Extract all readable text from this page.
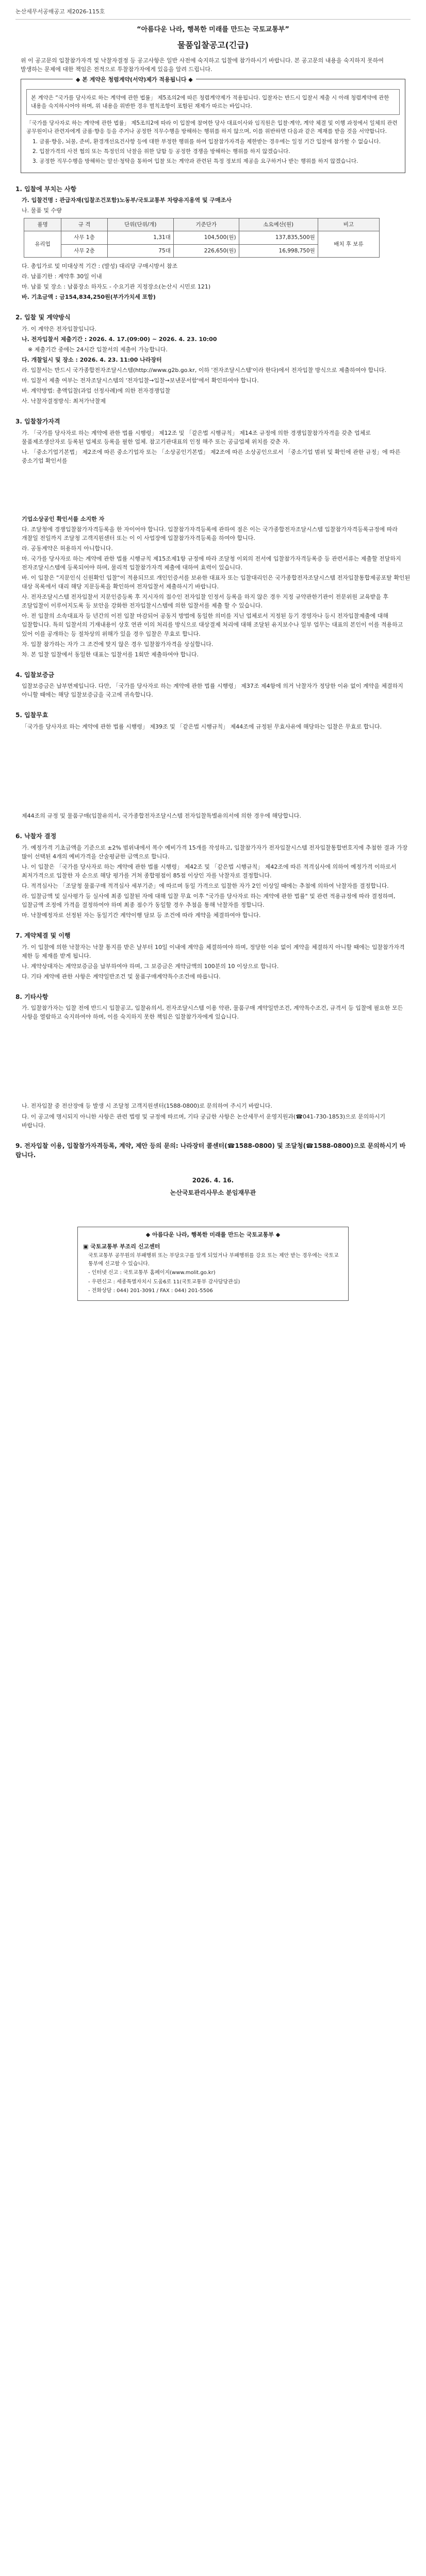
논산세무서공매공고 제2026-115호
“아름다운 나라, 행복한 미래를 만드는 국토교통부”
물품입찰공고(긴급)

위 이 공고문의 입찰참가자격 및 낙찰자결정 등 공고사항은 일반 사전에 숙지하고 입찰에 참가하시기 바랍니다. 본 공고문의 내용을 숙지하지 못하여 발생하는 문제에 대한 책임은 전적으로 투찰참가자에게 있음을 알려 드립니다.

◆ 본 계약은 청렴계약(서약)제가 적용됩니다 ◆

본 계약은 “국가를 당사자로 하는 계약에 관한 법률」 제5조의2에 따른 청렴계약제가 적용됩니다. 입찰자는 반드시 입찰서 제출 시 아래 청렴계약에 관한 내용을 숙지하시어야 하며, 위 내용을 위반한 경우 벌칙조항이 포함된 재제가 따르는 바입니다.

「국가를 당사자로 하는 계약에 관한 법률」 제5조의2에 따라 이 입찰에 참여한 당사 대표이사와 임직원은 입찰·계약, 계약 체결 및 이행 과정에서 일체의 관련 공무원이나 관련자에게 금품·향응 등을 주거나 공정한 직무수행을 방해하는 행위를 하지 않으며, 이를 위반하면 다음과 같은 제재를 받을 것을 서약합니다.

1. 금품·향응, 뇌물, 준비, 환경개선요건사항 등에 대한 부정한 행위를 하여 입찰참가자격을 제한받는 경우에는 일정 기간 입찰에 참가할 수 없습니다.

2. 입찰가격의 사전 협의 또는 특정인의 낙찰을 위한 담합 등 공정한 경쟁을 방해하는 행위를 하지 않겠습니다.

3. 공정한 직무수행을 방해하는 알선·청탁을 통하여 입찰 또는 계약과 관련된 특정 정보의 제공을 요구하거나 받는 행위를 하지 않겠습니다.

1. 입찰에 부치는 사항
가. 입찰건명 : 관급자재(입찰조건포함)노동부/국토교통부 차량유지용역 및 구매조사
나. 물품 및 수량
품명	규 격	단위(단위/개)	기준단가	소요예산(원)	비고
유리업	사무 1층	1,31대	104,500(원)	137,835,500원	배치 후 보류
	사무 2층	75대	226,650(원)	16,998,750원	
다. 총입가로 및 미대상적 기간 : (발성) 대리당 구매시방서 참조
라. 납품기한 : 계약후 30일 이내
마. 납품 및 장소 : 납품장소 하자도 - 수요기관 지정장소(논산시 시민로 121)
바. 기초금액 : 금154,834,250원(부가가치세 포함)
2. 입찰 및 계약방식
가. 이 계약은 전자입찰입니다.
나. 전자입찰서 제출기간 : 2026. 4. 17.(09:00) ~ 2026. 4. 23. 10:00
※ 제출기간 중에는 24시간 입찰서의 제출이 가능합니다.
다. 개찰일시 및 장소 : 2026. 4. 23. 11:00 나라장터
라. 입찰서는 반드시 국가종합전자조달시스템(http://www.g2b.go.kr, 이하 '전자조달시스템'이라 한다)에서 전자입찰 방식으로 제출하여야 합니다.
마. 입찰서 제출 여부는 전자조달시스템의 '전자입찰→입찰→보낸문서함'에서 확인하여야 합니다.
바. 계약방법: 총액입찰(과업 선정사례)에 의한 전자경쟁입찰
사. 낙찰자결정방식: 최저가낙찰제
3. 입찰참가자격
가. 「국가를 당사자로 하는 계약에 관한 법률 시행령」 제12조 및 「같은법 시행규칙」 제14조 규정에 의한 경쟁입찰참가자격을 갖춘 업체로 물품제조생산자로 등록된 업체로 등록을 필한 업체. 참고기관대표의 인정 해주 또는 공급업체 위치를 갖춘 자.
나. 「중소기업기본법」 제2조에 따른 중소기업자 또는 「소상공인기본법」 제2조에 따른 소상공인으로서 「중소기업 범위 및 확인에 관한 규정」에 따른 중소기업 확인서를
기업소상공인 확인서를 소지한 자
다. 조달청에 경쟁입찰참가자격등록을 한 자이어야 합니다. 입찰참가자격등록에 관하여 절은 이는 국가종합전자조달시스템 입찰참가자격등록규정에 따라 개찰일 전일까지 조달청 고객지원센터 또는 이 이 사업장에 입찰참가자격등록을 하여야 합니다.
라. 공동계약은 허용하지 아니합니다.
마. 국가를 당사자로 하는 계약에 관한 법률 시행규칙 제15조제1항 규정에 따라 조달청 이외의 전서에 입찰참가자격등록증 등 관련서류는 제출할 전달하지 전자조달시스템에 등록되어야 하며, 물리적 입찰참가자격 제출에 대하여 효력이 있습니다.
바. 이 입찰은 "지문인식 신원확인 입찰"이 적용되므로 개인인증서를 보유한 대표자 또는 입찰대리인은 국가종합전자조달시스템 전자입찰통합제공포탈 확인된 대상 목록에서 대리 해당 지문등록을 확인하여 전자입찰서 제출하시기 바랍니다.
사. 전자조달시스템 전자입찰서 지문인증등록 후 지시자의 접수인 전자입찰 인정서 등록을 하지 않은 경우 지정 규약관한기관이 전문위원 교육받을 후 조달입찰이 이루어지도록 등 보안을 강화한 전자입찰시스템에 의한 입찰서를 제출 할 수 있습니다.
아. 전 입찰의 소속대표자 등 년간의 이전 입찰 마감되어 공동지 방법에 동일한 의미를 지닌 업체로서 지정된 등기 경영자나 등시 전자입찰제출에 대해 입찰합니다. 특히 입찰서의 기재내용이 상호 연관 이의 처리를 방식으로 대상결제 처리에 대해 조달된 유지보수나 일부 업무는 대표의 본인이 이를 적용하고 있어 이를 공개하는 등 절차상의 위해가 있을 경우 입찰은 무효로 합니다.
자. 입찰 참가하는 자가 그 조건에 맞지 않은 경우 입찰참가자격을 상실합니다.
차. 본 입찰 입찰에서 동일한 대표는 입찰서를 1회만 제출하여야 합니다.
4. 입찰보증금
입찰보증금은 납부면제입니다. 다만, 「국가를 당사자로 하는 계약에 관한 법률 시행령」 제37조 제4항에 의거 낙찰자가 정당한 이유 없이 계약을 체결하지 아니할 때에는 해당 입찰보증금을 국고에 귀속합니다.
5. 입찰무효
「국가를 당사자로 하는 계약에 관한 법률 시행령」 제39조 및 「같은법 시행규칙」 제44조에 규정된 무효사유에 해당하는 입찰은 무효로 합니다.
제44조의 규정 및 물품구매(입찰유의서, 국가종합전자조달시스템 전자입찰특별유의서에 의한 경우에 해당합니다.
6. 낙찰자 결정
가. 예정가격 기초금액을 기준으로 ±2% 범위내에서 복수 예비가격 15개를 작성하고, 입찰참가자가 전자입찰시스템 전자입찰통합번호지에 추첨한 결과 가장 많이 선택된 4개의 예비가격을 산술평균한 금액으로 합니다.
나. 이 입찰은 「국가를 당사자로 하는 계약에 관한 법률 시행령」 제42조 및 「같은법 시행규칙」 제42조에 따른 적격심사에 의하여 예정가격 이하로서 최저가격으로 입찰한 자 순으로 해당 평가를 거쳐 종합평점이 85점 이상인 자를 낙찰자로 결정합니다.
다. 적격심사는 「조달청 물품구매 적격심사 세부기준」에 따르며 동일 가격으로 입찰한 자가 2인 이상일 때에는 추첨에 의하여 낙찰자를 결정합니다.
라. 입찰금액 및 실사평가 등 실사에 최종 입찰된 자에 대해 입찰 무효 이후 "국가를 당사자로 하는 계약에 관한 법률" 및 관련 적용규정에 따라 결정하며, 입찰금액 조정에 가격을 결정하여야 하며 최종 점수가 동일할 경우 추첨을 통해 낙찰자를 정합니다.
마. 낙찰예정자로 선정된 자는 동일기간 계약이행 담보 등 조건에 따라 계약을 체결하여야 합니다.
7. 계약체결 및 이행
가. 이 입찰에 의한 낙찰자는 낙찰 통지를 받은 날부터 10일 이내에 계약을 체결하여야 하며, 정당한 이유 없이 계약을 체결하지 아니할 때에는 입찰참가자격 제한 등 제재를 받게 됩니다.
나. 계약상대자는 계약보증금을 납부하여야 하며, 그 보증금은 계약금액의 100분의 10 이상으로 합니다.
다. 기타 계약에 관한 사항은 계약일반조건 및 물품구매계약특수조건에 따릅니다.
8. 기타사항
가. 입찰참가자는 입찰 전에 반드시 입찰공고, 입찰유의서, 전자조달시스템 이용 약관, 물품구매 계약일반조건, 계약특수조건, 규격서 등 입찰에 필요한 모든 사항을 열람하고 숙지하여야 하며, 이를 숙지하지 못한 책임은 입찰참가자에게 있습니다.
나. 전자입찰 중 전산장애 등 발생 시 조달청 고객지원센터(1588-0800)로 문의하여 주시기 바랍니다.
다. 이 공고에 명시되지 아니한 사항은 관련 법령 및 규정에 따르며, 기타 궁금한 사항은 논산세무서 운영지원과(☎041-730-1853)으로 문의하시기 바랍니다.
9. 전자입찰 이용, 입찰참가자격등록, 계약, 제안 등의 문의: 나라장터 콜센터(☎1588-0800) 및 조달청(☎1588-0800)으로 문의하시기 바랍니다.
2026. 4. 16.
논산국토관리사무소 분임재무관
◆ 아름다운 나라, 행복한 미래를 만드는 국토교통부 ◆
▣ 국토교통부 부조리 신고센터

국토교통부 공무원의 부패행위 또는 부당요구를 알게 되었거나 부패행위를 강요 또는 제안 받는 경우에는 국토교통부에 신고할 수 있습니다.

- 인터넷 신고 : 국토교통부 홈페이지(www.molit.go.kr)

- 우편신고 : 세종특별자치시 도움6로 11(국토교통부 감사담당관실)

- 전화상담 : 044) 201-3091 / FAX : 044) 201-5506
